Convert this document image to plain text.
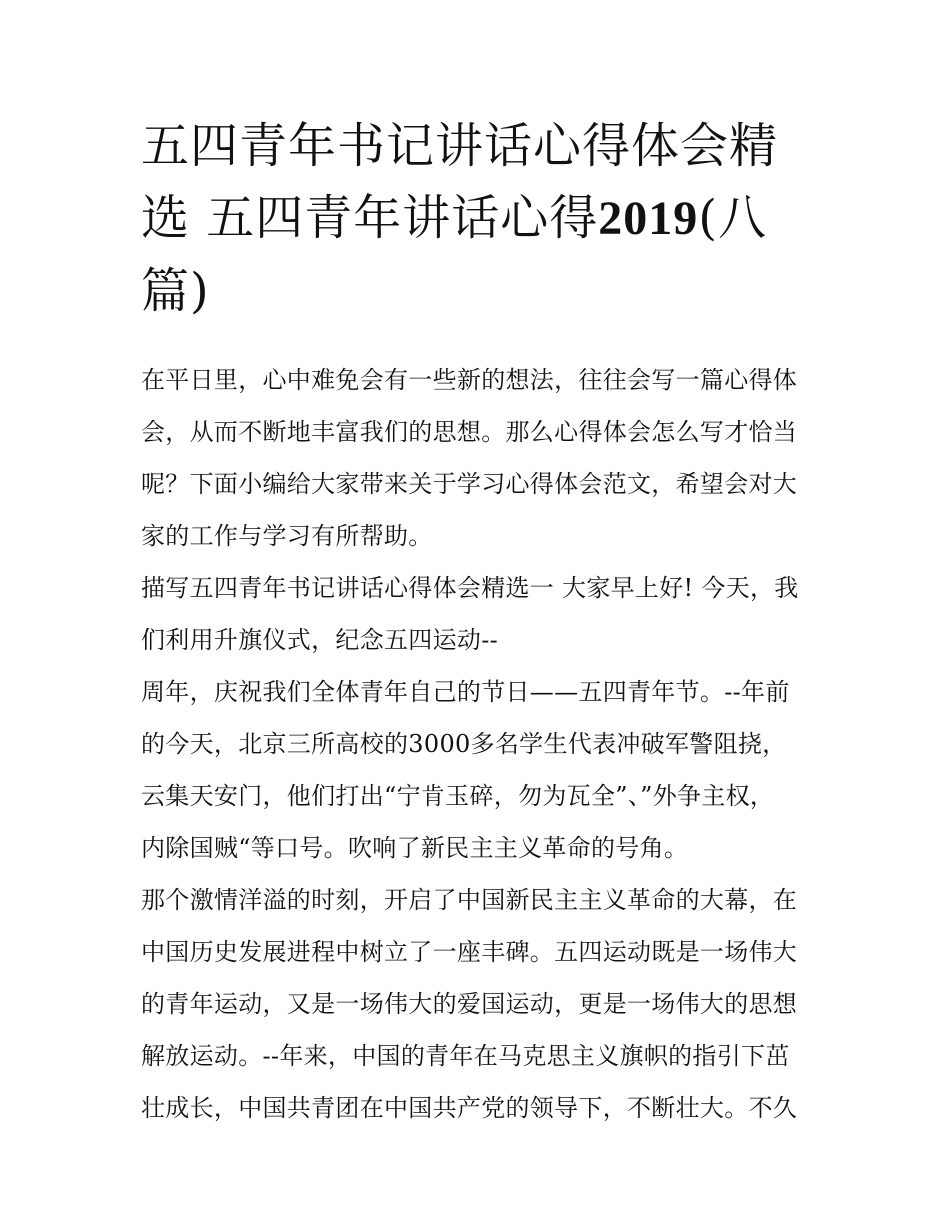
五四青年书记讲话心得体会精选 五四青年讲话心得2019(八篇)
在平日里，心中难免会有一些新的想法，往往会写一篇心得体
会，从而不断地丰富我们的思想。那么心得体会怎么写才恰当
呢？下面小编给大家带来关于学习心得体会范文，希望会对大
家的工作与学习有所帮助。
描写五四青年书记讲话心得体会精选一 大家早上好! 今天，我
们利用升旗仪式，纪念五四运动--
周年，庆祝我们全体青年自己的节日——五四青年节。--年前
的今天，北京三所高校的3000多名学生代表冲破军警阻挠，
云集天安门，他们打出“宁肯玉碎，勿为瓦全”、”外争主权，
内除国贼“等口号。吹响了新民主主义革命的号角。
那个激情洋溢的时刻，开启了中国新民主主义革命的大幕，在
中国历史发展进程中树立了一座丰碑。五四运动既是一场伟大
的青年运动，又是一场伟大的爱国运动，更是一场伟大的思想
解放运动。--年来，中国的青年在马克思主义旗帜的指引下茁
壮成长，中国共青团在中国共产党的领导下，不断壮大。不久
